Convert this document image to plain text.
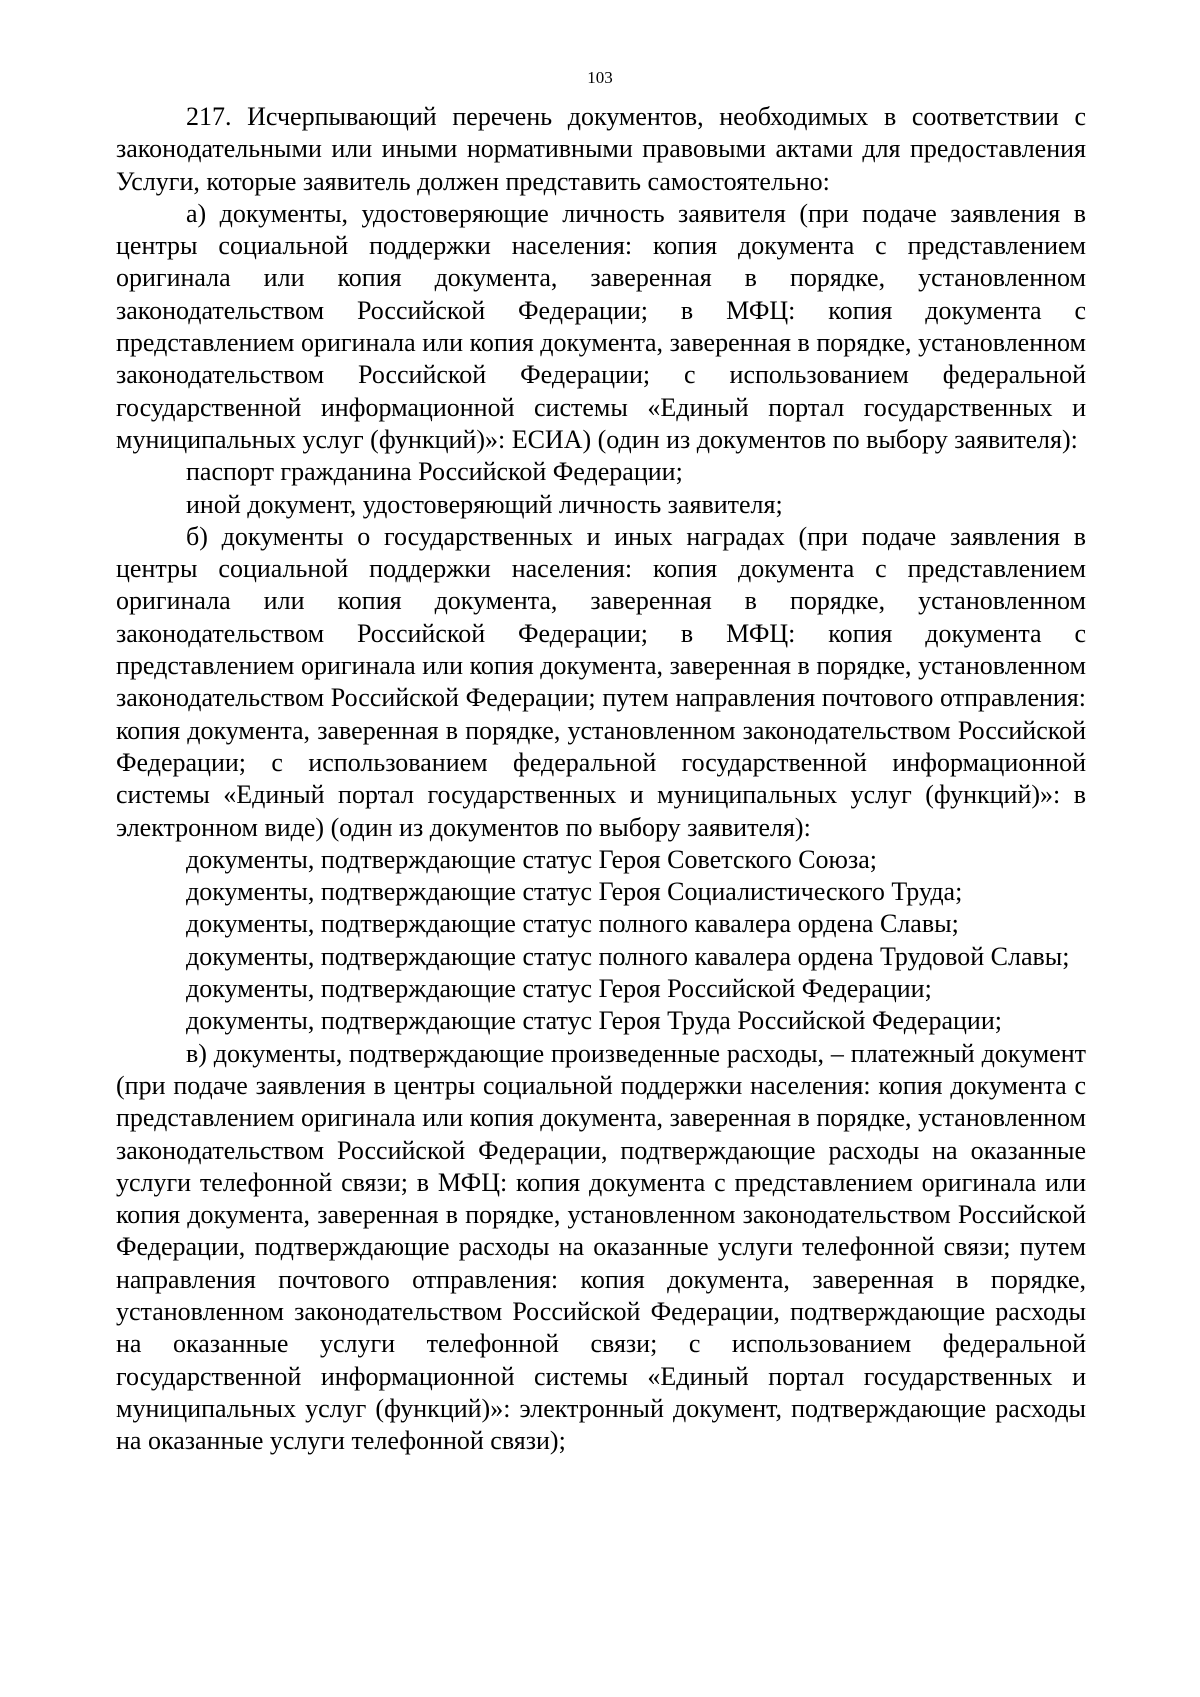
103

217. Исчерпывающий перечень документов, необходимых в соответствии с законодательными или иными нормативными правовыми актами для предоставления Услуги, которые заявитель должен представить самостоятельно:

а) документы, удостоверяющие личность заявителя (при подаче заявления в центры социальной поддержки населения: копия документа с представлением оригинала или копия документа, заверенная в порядке, установленном законодательством Российской Федерации; в МФЦ: копия документа с представлением оригинала или копия документа, заверенная в порядке, установленном законодательством Российской Федерации; с использованием федеральной государственной информационной системы «Единый портал государственных и муниципальных услуг (функций)»: ЕСИА) (один из документов по выбору заявителя):

паспорт гражданина Российской Федерации;

иной документ, удостоверяющий личность заявителя;

б) документы о государственных и иных наградах (при подаче заявления в центры социальной поддержки населения: копия документа с представлением оригинала или копия документа, заверенная в порядке, установленном законодательством Российской Федерации; в МФЦ: копия документа с представлением оригинала или копия документа, заверенная в порядке, установленном законодательством Российской Федерации; путем направления почтового отправления: копия документа, заверенная в порядке, установленном законодательством Российской Федерации; с использованием федеральной государственной информационной системы «Единый портал государственных и муниципальных услуг (функций)»: в электронном виде) (один из документов по выбору заявителя):

документы, подтверждающие статус Героя Советского Союза;

документы, подтверждающие статус Героя Социалистического Труда;

документы, подтверждающие статус полного кавалера ордена Славы;

документы, подтверждающие статус полного кавалера ордена Трудовой Славы;

документы, подтверждающие статус Героя Российской Федерации;

документы, подтверждающие статус Героя Труда Российской Федерации;

в) документы, подтверждающие произведенные расходы, – платежный документ (при подаче заявления в центры социальной поддержки населения: копия документа с представлением оригинала или копия документа, заверенная в порядке, установленном законодательством Российской Федерации, подтверждающие расходы на оказанные услуги телефонной связи; в МФЦ: копия документа с представлением оригинала или копия документа, заверенная в порядке, установленном законодательством Российской Федерации, подтверждающие расходы на оказанные услуги телефонной связи; путем направления почтового отправления: копия документа, заверенная в порядке, установленном законодательством Российской Федерации, подтверждающие расходы на оказанные услуги телефонной связи; с использованием федеральной государственной информационной системы «Единый портал государственных и муниципальных услуг (функций)»: электронный документ, подтверждающие расходы на оказанные услуги телефонной связи);
